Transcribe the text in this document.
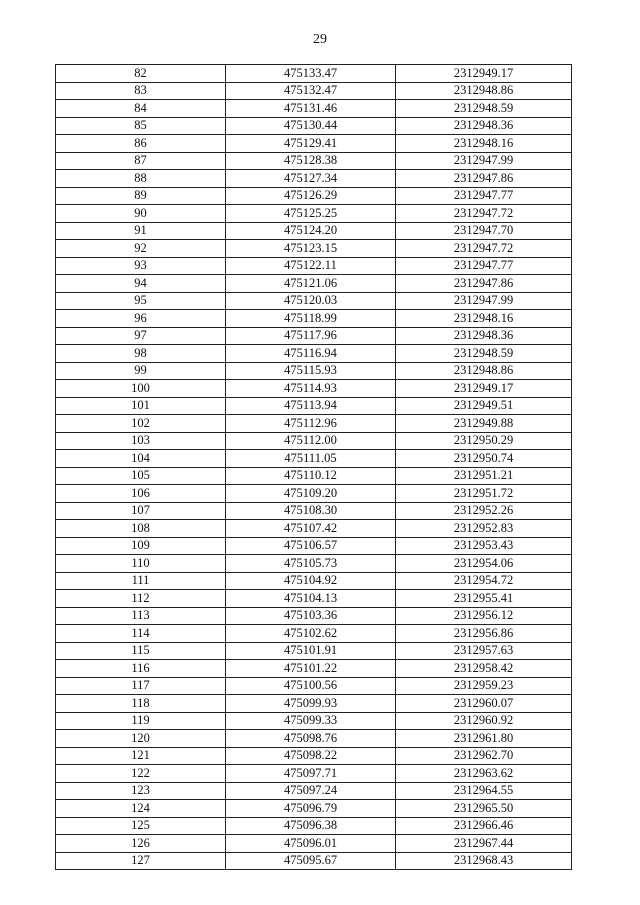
29
82	475133.47	2312949.17
83	475132.47	2312948.86
84	475131.46	2312948.59
85	475130.44	2312948.36
86	475129.41	2312948.16
87	475128.38	2312947.99
88	475127.34	2312947.86
89	475126.29	2312947.77
90	475125.25	2312947.72
91	475124.20	2312947.70
92	475123.15	2312947.72
93	475122.11	2312947.77
94	475121.06	2312947.86
95	475120.03	2312947.99
96	475118.99	2312948.16
97	475117.96	2312948.36
98	475116.94	2312948.59
99	475115.93	2312948.86
100	475114.93	2312949.17
101	475113.94	2312949.51
102	475112.96	2312949.88
103	475112.00	2312950.29
104	475111.05	2312950.74
105	475110.12	2312951.21
106	475109.20	2312951.72
107	475108.30	2312952.26
108	475107.42	2312952.83
109	475106.57	2312953.43
110	475105.73	2312954.06
111	475104.92	2312954.72
112	475104.13	2312955.41
113	475103.36	2312956.12
114	475102.62	2312956.86
115	475101.91	2312957.63
116	475101.22	2312958.42
117	475100.56	2312959.23
118	475099.93	2312960.07
119	475099.33	2312960.92
120	475098.76	2312961.80
121	475098.22	2312962.70
122	475097.71	2312963.62
123	475097.24	2312964.55
124	475096.79	2312965.50
125	475096.38	2312966.46
126	475096.01	2312967.44
127	475095.67	2312968.43
